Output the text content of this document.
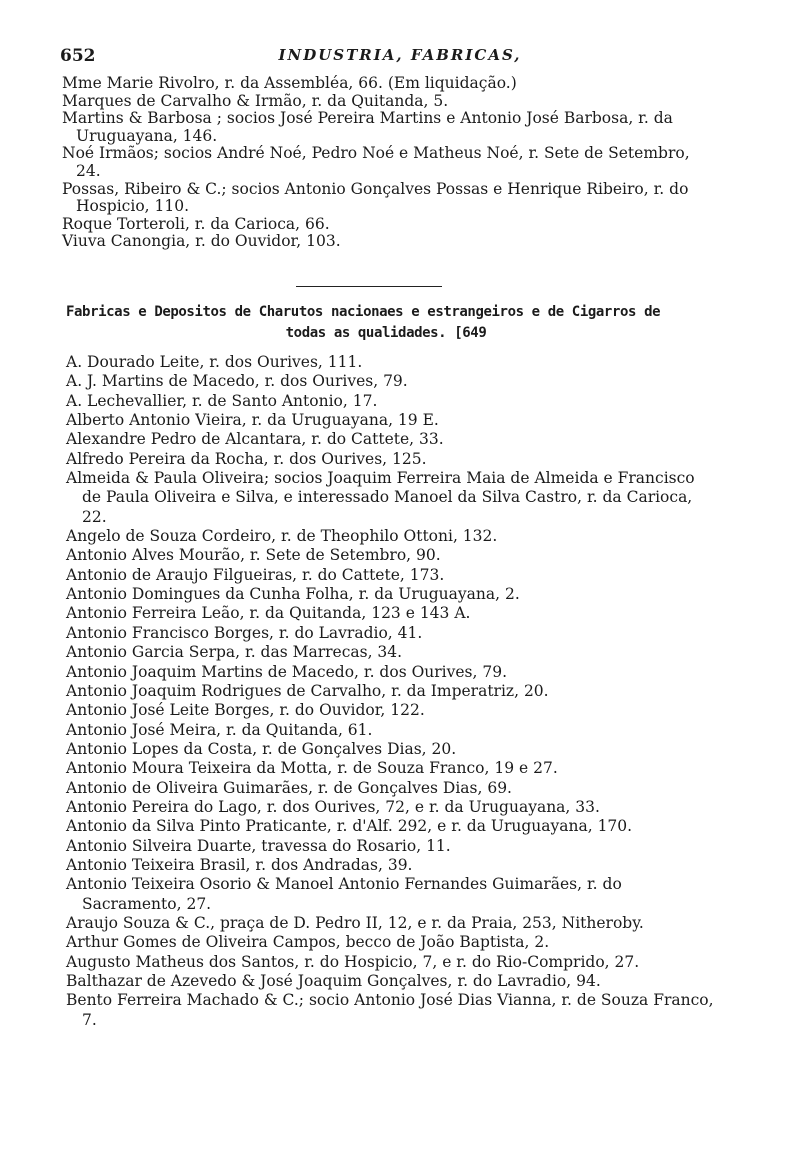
652	INDUSTRIA, FABRICAS,

Mme Marie Rivolro, r. da Assembléa, 66. (Em liquidação.)

Marques de Carvalho & Irmão, r. da Quitanda, 5.

Martins & Barbosa ; socios José Pereira Martins e Antonio José Barbosa, r. da Uruguayana, 146.

Noé Irmãos; socios André Noé, Pedro Noé e Matheus Noé, r. Sete de Setembro, 24.

Possas, Ribeiro & C.; socios Antonio Gonçalves Possas e Henrique Ribeiro, r. do Hospicio, 110.

Roque Torteroli, r. da Carioca, 66.

Viuva Canongia, r. do Ouvidor, 103.

Fabricas e Depositos de Charutos nacionaes e estrangeiros e de Cigarros de
todas as qualidades. [649

A. Dourado Leite, r. dos Ourives, 111.

A. J. Martins de Macedo, r. dos Ourives, 79.

A. Lechevallier, r. de Santo Antonio, 17.

Alberto Antonio Vieira, r. da Uruguayana, 19 E.

Alexandre Pedro de Alcantara, r. do Cattete, 33.

Alfredo Pereira da Rocha, r. dos Ourives, 125.

Almeida & Paula Oliveira; socios Joaquim Ferreira Maia de Almeida e Francisco de Paula Oliveira e Silva, e interessado Manoel da Silva Castro, r. da Carioca, 22.

Angelo de Souza Cordeiro, r. de Theophilo Ottoni, 132.

Antonio Alves Mourão, r. Sete de Setembro, 90.

Antonio de Araujo Filgueiras, r. do Cattete, 173.

Antonio Domingues da Cunha Folha, r. da Uruguayana, 2.

Antonio Ferreira Leão, r. da Quitanda, 123 e 143 A.

Antonio Francisco Borges, r. do Lavradio, 41.

Antonio Garcia Serpa, r. das Marrecas, 34.

Antonio Joaquim Martins de Macedo, r. dos Ourives, 79.

Antonio Joaquim Rodrigues de Carvalho, r. da Imperatriz, 20.

Antonio José Leite Borges, r. do Ouvidor, 122.

Antonio José Meira, r. da Quitanda, 61.

Antonio Lopes da Costa, r. de Gonçalves Dias, 20.

Antonio Moura Teixeira da Motta, r. de Souza Franco, 19 e 27.

Antonio de Oliveira Guimarães, r. de Gonçalves Dias, 69.

Antonio Pereira do Lago, r. dos Ourives, 72, e r. da Uruguayana, 33.

Antonio da Silva Pinto Praticante, r. d'Alf. 292, e r. da Uruguayana, 170.

Antonio Silveira Duarte, travessa do Rosario, 11.

Antonio Teixeira Brasil, r. dos Andradas, 39.

Antonio Teixeira Osorio & Manoel Antonio Fernandes Guimarães, r. do Sacramento, 27.

Araujo Souza & C., praça de D. Pedro II, 12, e r. da Praia, 253, Nitheroby.

Arthur Gomes de Oliveira Campos, becco de João Baptista, 2.

Augusto Matheus dos Santos, r. do Hospicio, 7, e r. do Rio-Comprido, 27.

Balthazar de Azevedo & José Joaquim Gonçalves, r. do Lavradio, 94.

Bento Ferreira Machado & C.; socio Antonio José Dias Vianna, r. de Souza Franco, 7.
